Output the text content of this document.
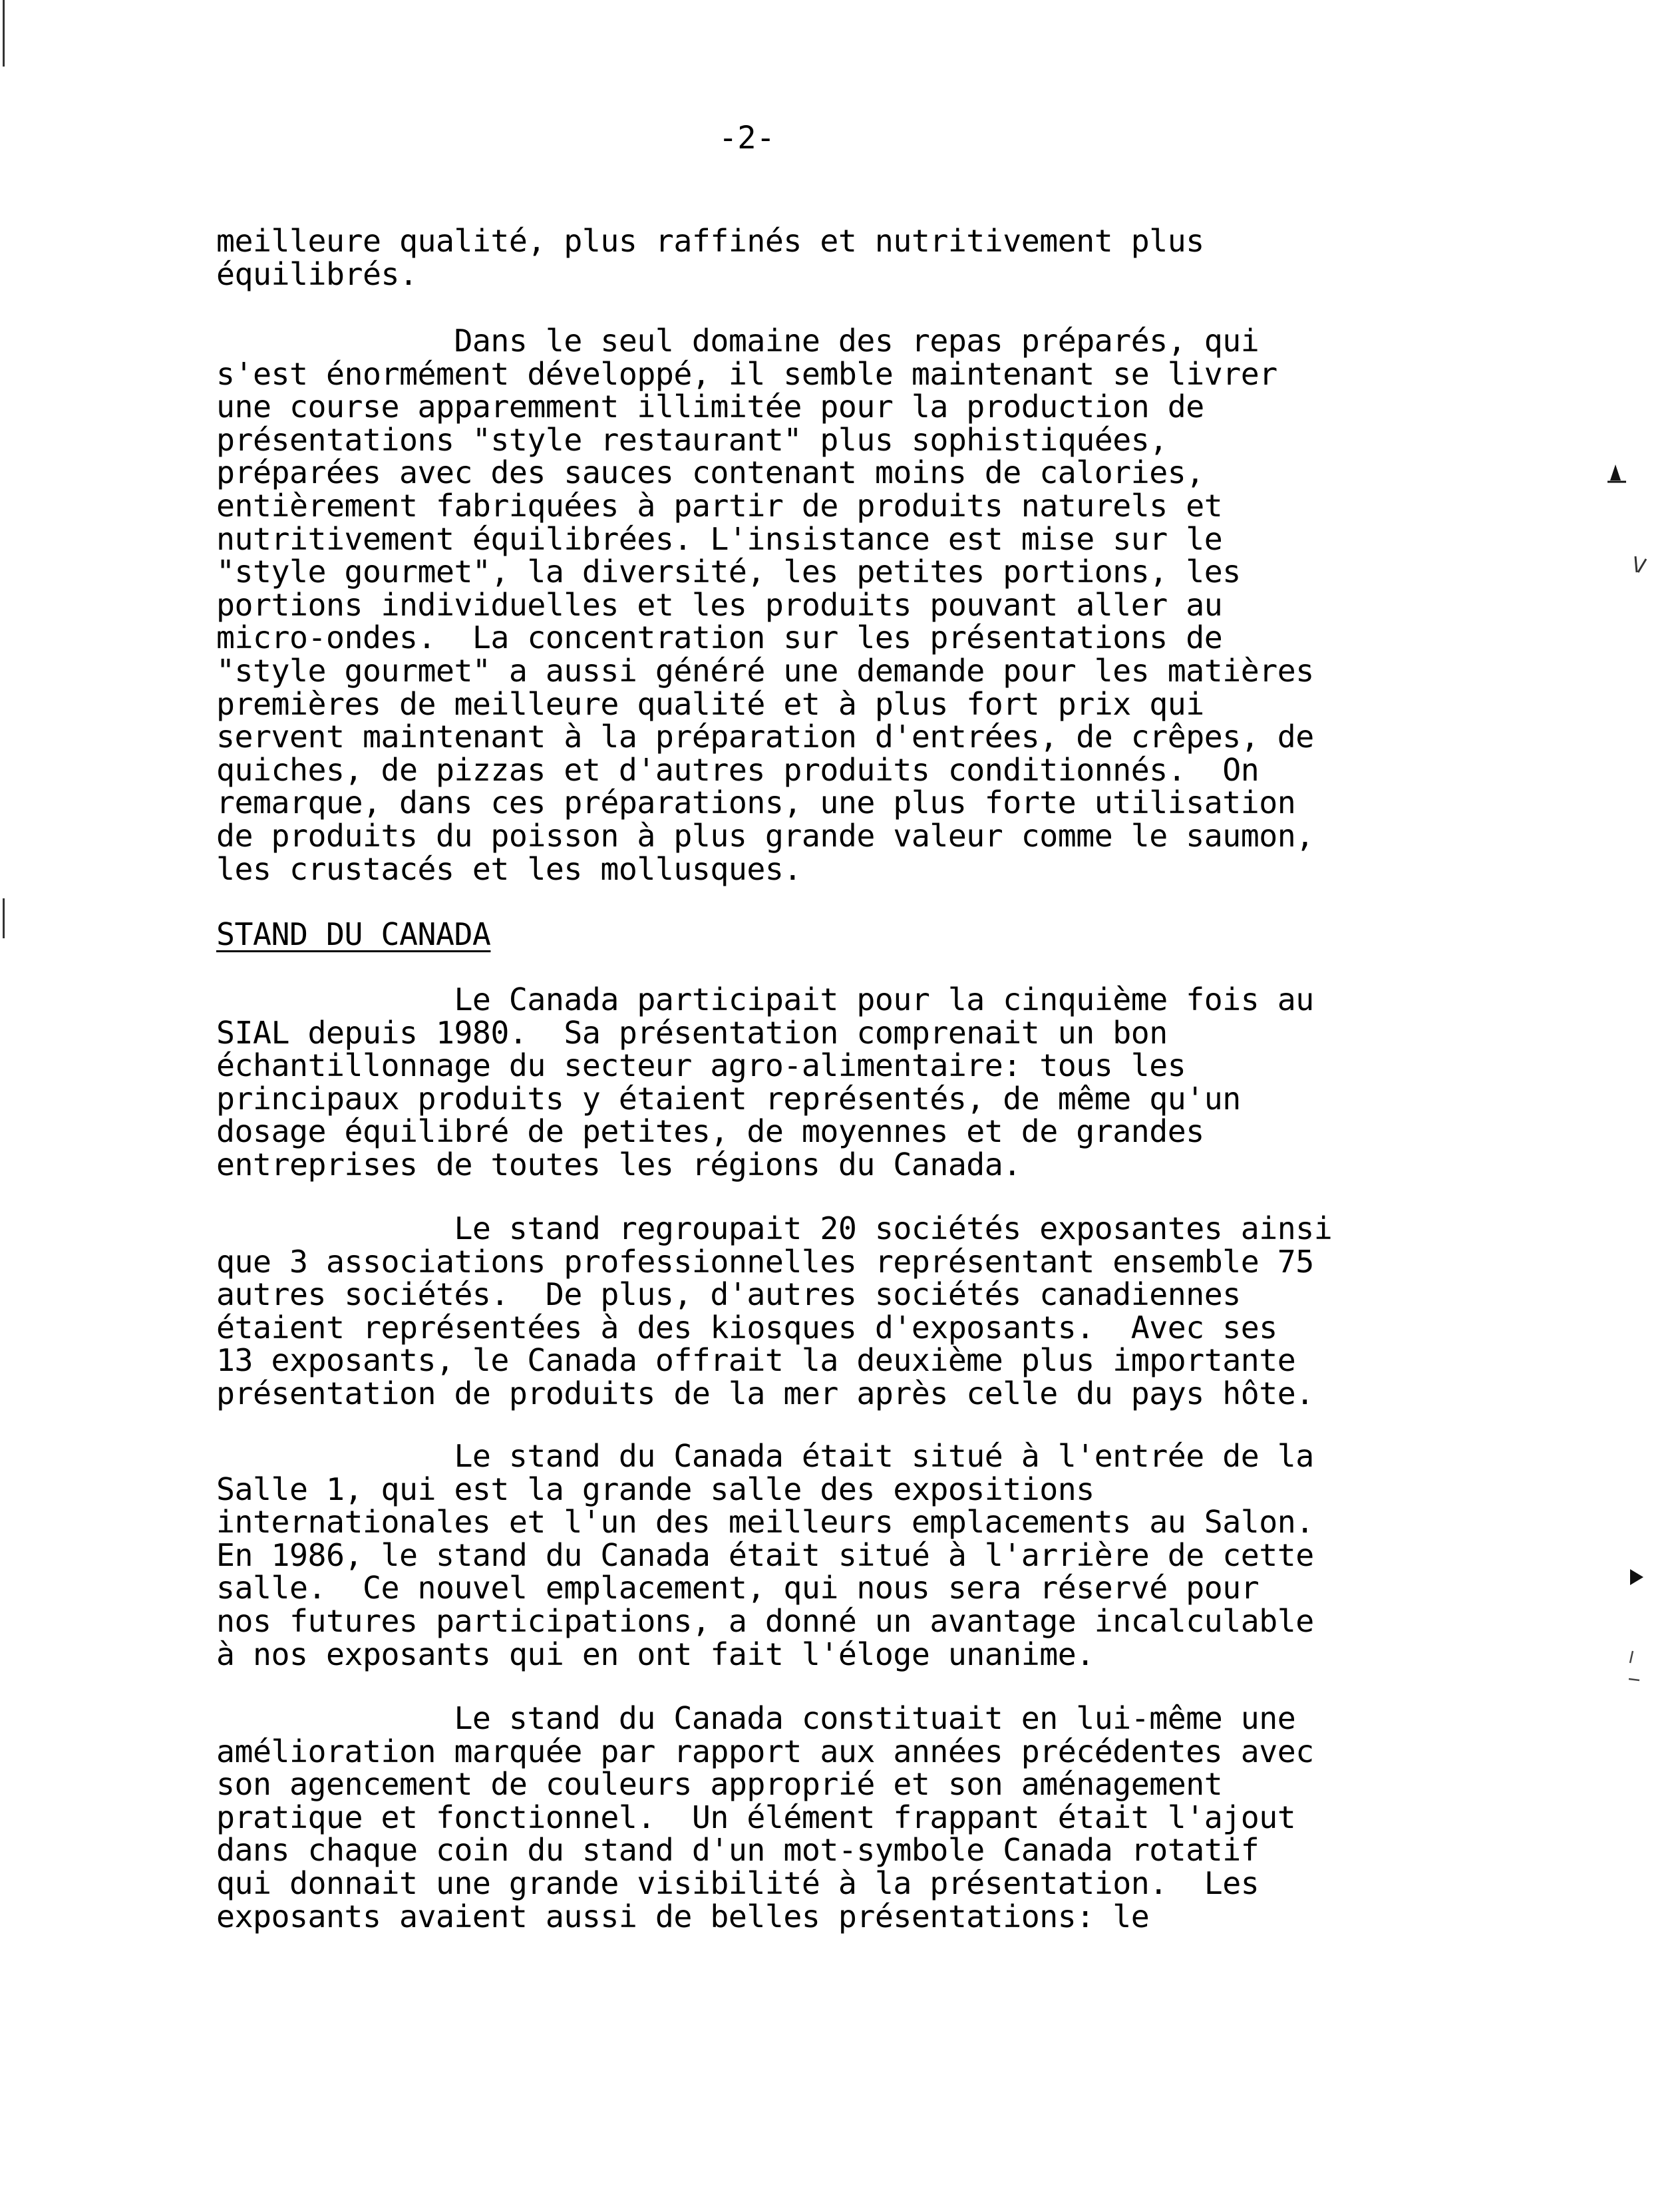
-2-
meilleure qualité, plus raffinés et nutritivement plus
équilibrés.
Dans le seul domaine des repas préparés, qui
s'est énormément développé, il semble maintenant se livrer
une course apparemment illimitée pour la production de
présentations "style restaurant" plus sophistiquées,
préparées avec des sauces contenant moins de calories,
entièrement fabriquées à partir de produits naturels et
nutritivement équilibrées. L'insistance est mise sur le
"style gourmet", la diversité, les petites portions, les
portions individuelles et les produits pouvant aller au
micro-ondes.  La concentration sur les présentations de
"style gourmet" a aussi généré une demande pour les matières
premières de meilleure qualité et à plus fort prix qui
servent maintenant à la préparation d'entrées, de crêpes, de
quiches, de pizzas et d'autres produits conditionnés.  On
remarque, dans ces préparations, une plus forte utilisation
de produits du poisson à plus grande valeur comme le saumon,
les crustacés et les mollusques.
STAND DU CANADA
Le Canada participait pour la cinquième fois au
SIAL depuis 1980.  Sa présentation comprenait un bon
échantillonnage du secteur agro-alimentaire: tous les
principaux produits y étaient représentés, de même qu'un
dosage équilibré de petites, de moyennes et de grandes
entreprises de toutes les régions du Canada.
Le stand regroupait 20 sociétés exposantes ainsi
que 3 associations professionnelles représentant ensemble 75
autres sociétés.  De plus, d'autres sociétés canadiennes
étaient représentées à des kiosques d'exposants.  Avec ses
13 exposants, le Canada offrait la deuxième plus importante
présentation de produits de la mer après celle du pays hôte.
Le stand du Canada était situé à l'entrée de la
Salle 1, qui est la grande salle des expositions
internationales et l'un des meilleurs emplacements au Salon.
En 1986, le stand du Canada était situé à l'arrière de cette
salle.  Ce nouvel emplacement, qui nous sera réservé pour
nos futures participations, a donné un avantage incalculable
à nos exposants qui en ont fait l'éloge unanime.
Le stand du Canada constituait en lui-même une
amélioration marquée par rapport aux années précédentes avec
son agencement de couleurs approprié et son aménagement
pratique et fonctionnel.  Un élément frappant était l'ajout
dans chaque coin du stand d'un mot-symbole Canada rotatif
qui donnait une grande visibilité à la présentation.  Les
exposants avaient aussi de belles présentations: le
